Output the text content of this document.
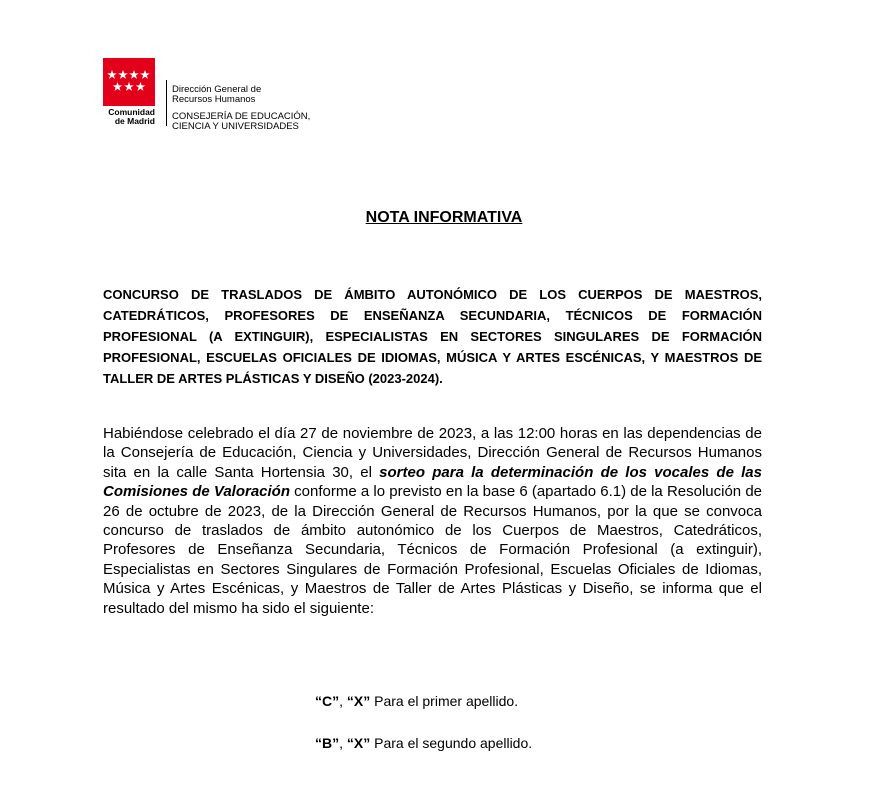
Comunidad
de Madrid
Dirección General de
Recursos Humanos
CONSEJERÍA DE EDUCACIÓN,
CIENCIA Y UNIVERSIDADES
NOTA INFORMATIVA
CONCURSO DE TRASLADOS DE ÁMBITO AUTONÓMICO DE LOS CUERPOS DE MAESTROS, CATEDRÁTICOS, PROFESORES DE ENSEÑANZA SECUNDARIA, TÉCNICOS DE FORMACIÓN PROFESIONAL (A EXTINGUIR), ESPECIALISTAS EN SECTORES SINGULARES DE FORMACIÓN PROFESIONAL, ESCUELAS OFICIALES DE IDIOMAS, MÚSICA Y ARTES ESCÉNICAS, Y MAESTROS DE TALLER DE ARTES PLÁSTICAS Y DISEÑO (2023-2024).
Habiéndose celebrado el día 27 de noviembre de 2023, a las 12:00 horas en las dependencias de la Consejería de Educación, Ciencia y Universidades, Dirección General de Recursos Humanos sita en la calle Santa Hortensia 30, el sorteo para la determinación de los vocales de las Comisiones de Valoración conforme a lo previsto en la base 6 (apartado 6.1) de la Resolución de 26 de octubre de 2023, de la Dirección General de Recursos Humanos, por la que se convoca concurso de traslados de ámbito autonómico de los Cuerpos de Maestros, Catedráticos, Profesores de Enseñanza Secundaria, Técnicos de Formación Profesional (a extinguir), Especialistas en Sectores Singulares de Formación Profesional, Escuelas Oficiales de Idiomas, Música y Artes Escénicas, y Maestros de Taller de Artes Plásticas y Diseño, se informa que el resultado del mismo ha sido el siguiente:
“C”, “X” Para el primer apellido.
“B”, “X” Para el segundo apellido.
